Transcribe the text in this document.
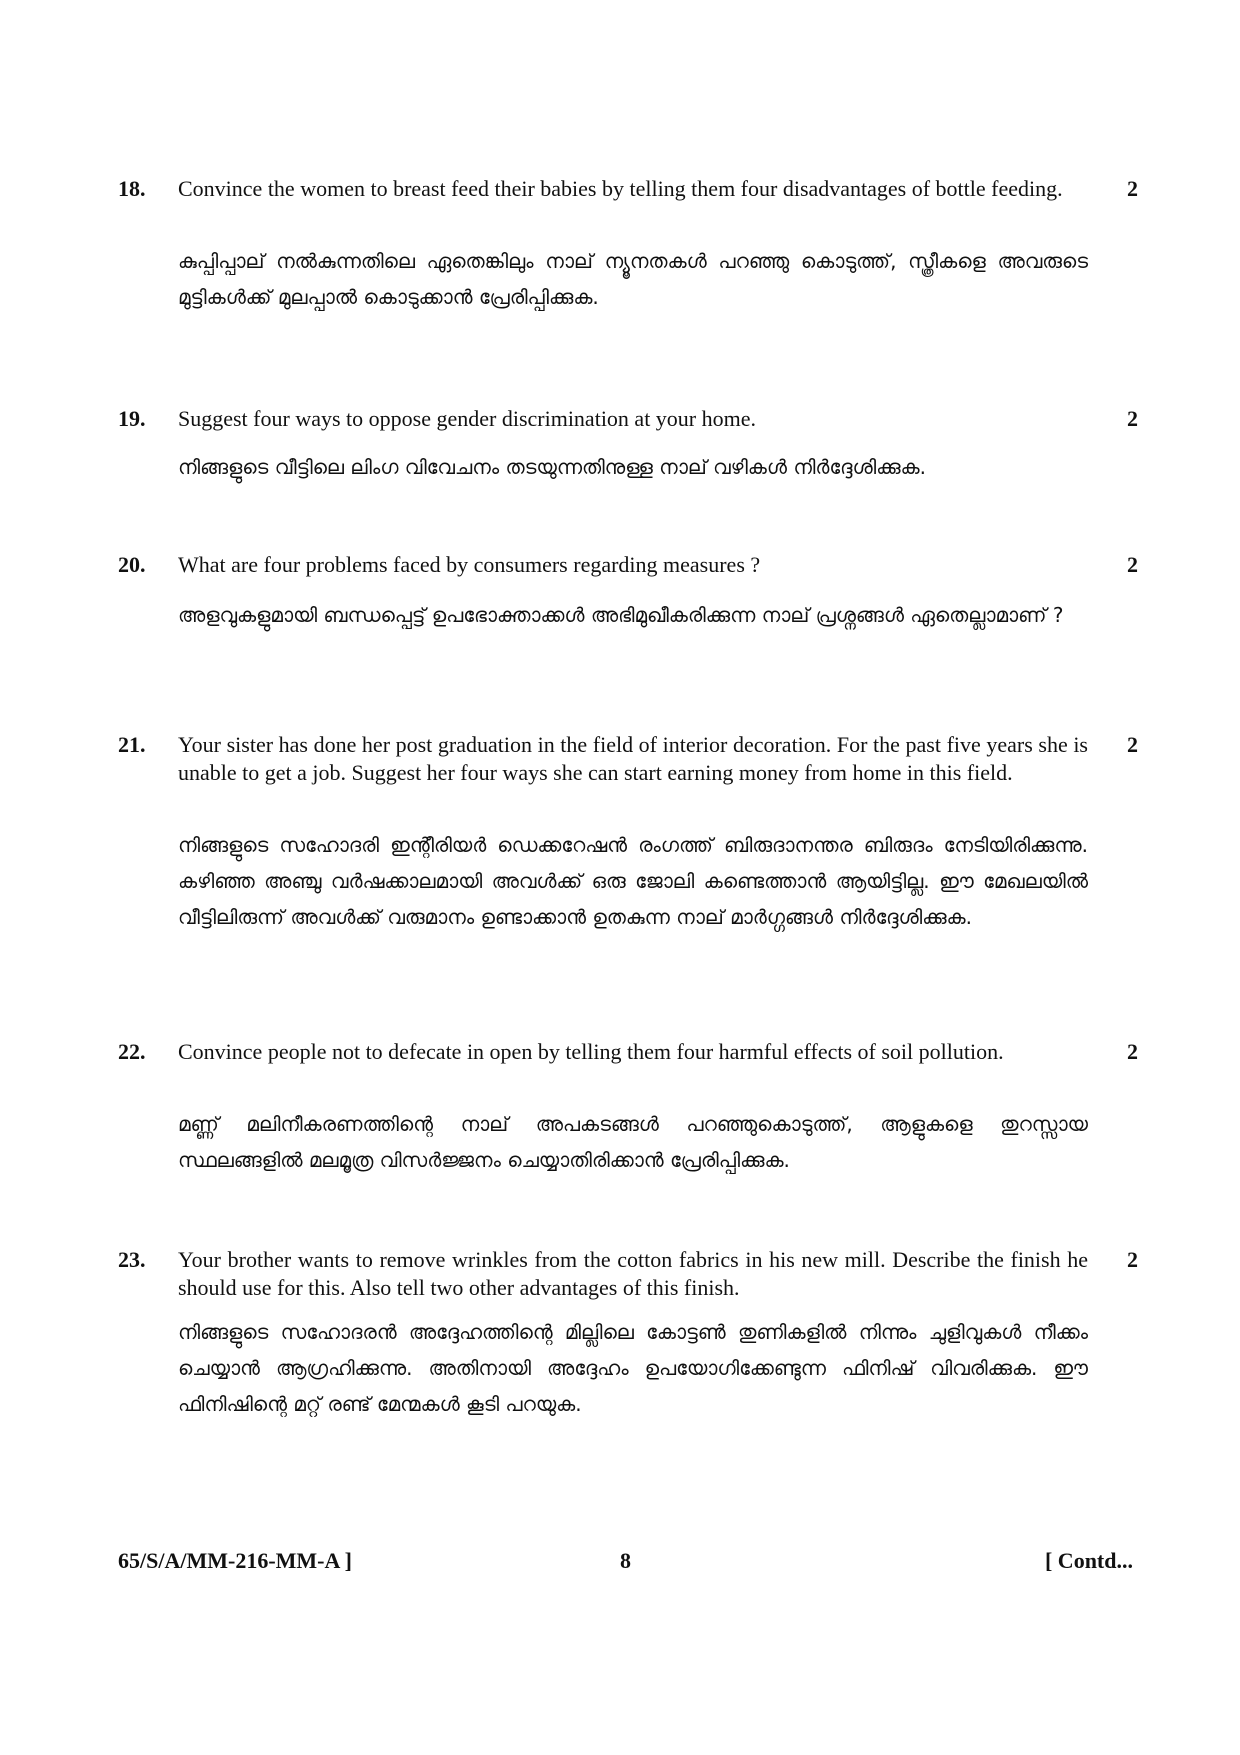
18. Convince the women to breast feed their babies by telling them four disadvantages of bottle feeding.	2
കുപ്പിപ്പാല് നൽകുന്നതിലെ ഏതെങ്കിലും നാല് ന്യൂനതകൾ പറഞ്ഞു കൊടുത്ത്, സ്ത്രീകളെ അവരുടെ മുട്ടികൾക്ക് മുലപ്പാൽ കൊടുക്കാൻ പ്രേരിപ്പിക്കുക.
19. Suggest four ways to oppose gender discrimination at your home.	2
നിങ്ങളുടെ വീട്ടിലെ ലിംഗ വിവേചനം തടയുന്നതിനുള്ള നാല് വഴികൾ നിർദ്ദേശിക്കുക.
20. What are four problems faced by consumers regarding measures ?	2
അളവുകളുമായി ബന്ധപ്പെട്ട് ഉപഭോക്താക്കൾ അഭിമുഖീകരിക്കുന്ന നാല് പ്രശ്നങ്ങൾ ഏതെല്ലാമാണ് ?
21. Your sister has done her post graduation in the field of interior decoration. For the past five years she is unable to get a job. Suggest her four ways she can start earning money from home in this field.
2
നിങ്ങളുടെ സഹോദരി ഇന്റീരിയർ ഡെക്കറേഷൻ രംഗത്ത് ബിരുദാനന്തര ബിരുദം നേടിയിരിക്കുന്നു. കഴിഞ്ഞ അഞ്ചു വർഷക്കാലമായി അവൾക്ക് ഒരു ജോലി കണ്ടെത്താൻ ആയിട്ടില്ല. ഈ മേഖലയിൽ വീട്ടിലിരുന്ന് അവൾക്ക് വരുമാനം ഉണ്ടാക്കാൻ ഉതകുന്ന നാല് മാർഗ്ഗങ്ങൾ നിർദ്ദേശിക്കുക.
22. Convince people not to defecate in open by telling them four harmful effects of soil pollution.	2
മണ്ണ് മലിനീകരണത്തിന്റെ നാല് അപകടങ്ങൾ പറഞ്ഞുകൊടുത്ത്, ആളുകളെ തുറസ്സായ സ്ഥലങ്ങളിൽ മലമൂത്ര വിസർജ്ജനം ചെയ്യാതിരിക്കാൻ പ്രേരിപ്പിക്കുക.
23. Your brother wants to remove wrinkles from the cotton fabrics in his new mill. Describe the finish he should use for this. Also tell two other advantages of this finish.
2
നിങ്ങളുടെ സഹോദരൻ അദ്ദേഹത്തിന്റെ മില്ലിലെ കോട്ടൺ തുണികളിൽ നിന്നും ചുളിവുകൾ നീക്കം ചെയ്യാൻ ആഗ്രഹിക്കുന്നു. അതിനായി അദ്ദേഹം ഉപയോഗിക്കേണ്ടുന്ന ഫിനിഷ് വിവരിക്കുക. ഈ ഫിനിഷിന്റെ മറ്റ് രണ്ട് മേന്മകൾ കൂടി പറയുക.
65/S/A/MM-216-MM-A ]	8	[ Contd...
